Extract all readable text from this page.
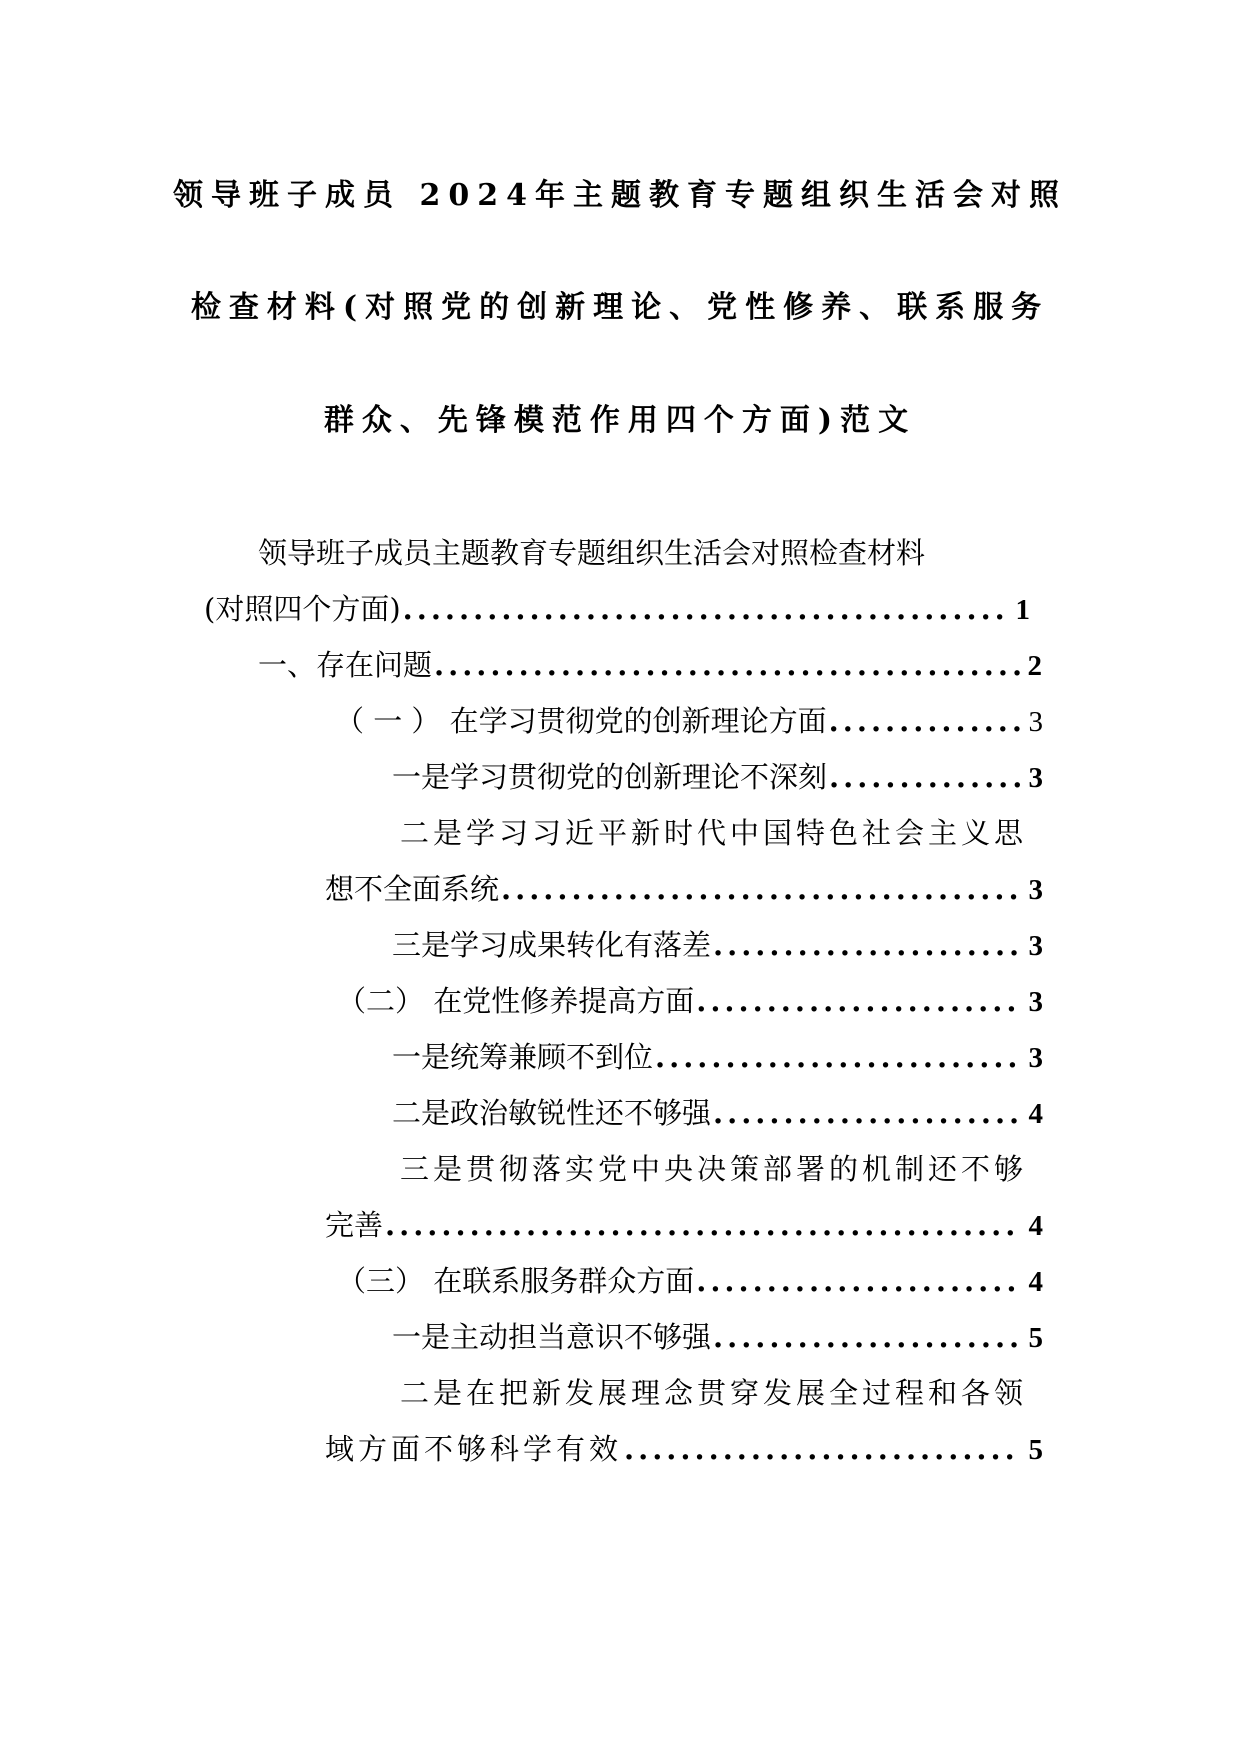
领导班子成员 2024年主题教育专题组织生活会对照
检查材料(对照党的创新理论、党性修养、联系服务
群众、先锋模范作用四个方面)范文
领导班子成员主题教育专题组织生活会对照检查材料
(对照四个方面) .....	1
一、存在问题 .....	2
（ 一 ） 在学习贯彻党的创新理论方面 .....	3
一是学习贯彻党的创新理论不深刻 .....	3
二是学习习近平新时代中国特色社会主义思
想不全面系统 .....	3
三是学习成果转化有落差 .....	3
（二） 在党性修养提高方面 .....	3
一是统筹兼顾不到位 .....	3
二是政治敏锐性还不够强 .....	4
三是贯彻落实党中央决策部署的机制还不够
完善 .....	4
（三） 在联系服务群众方面 .....	4
一是主动担当意识不够强 .....	5
二是在把新发展理念贯穿发展全过程和各领
域方面不够科学有效 .....	5
